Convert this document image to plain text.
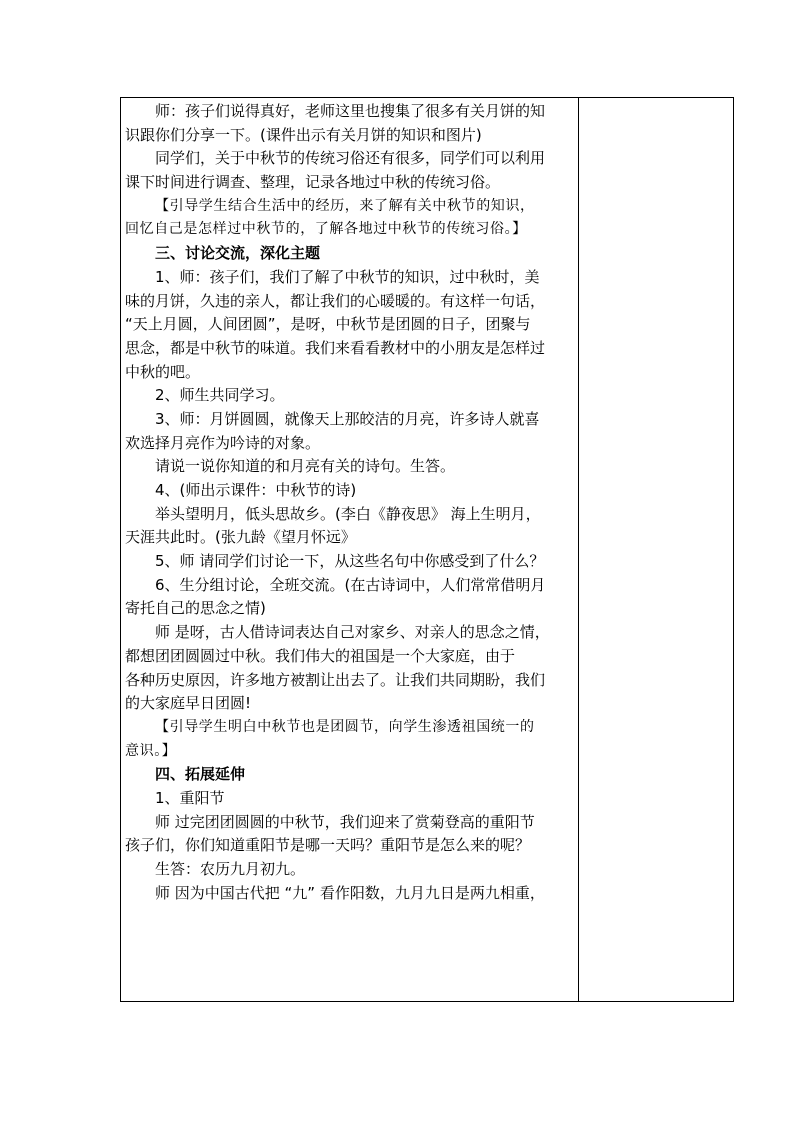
师：孩子们说得真好，老师这里也搜集了很多有关月饼的知
识跟你们分享一下。(课件出示有关月饼的知识和图片)
同学们，关于中秋节的传统习俗还有很多，同学们可以利用
课下时间进行调查、整理，记录各地过中秋的传统习俗。
【引导学生结合生活中的经历，来了解有关中秋节的知识，
回忆自己是怎样过中秋节的，了解各地过中秋节的传统习俗。】
三、讨论交流，深化主题
1、师：孩子们，我们了解了中秋节的知识，过中秋时，美
味的月饼，久违的亲人，都让我们的心暖暖的。有这样一句话，
“天上月圆，人间团圆”，是呀，中秋节是团圆的日子，团聚与
思念，都是中秋节的味道。我们来看看教材中的小朋友是怎样过
中秋的吧。
2、师生共同学习。
3、师：月饼圆圆，就像天上那皎洁的月亮，许多诗人就喜
欢选择月亮作为吟诗的对象。
请说一说你知道的和月亮有关的诗句。生答。
4、(师出示课件：中秋节的诗)
举头望明月，低头思故乡。(李白《静夜思》 海上生明月，
天涯共此时。(张九龄《望月怀远》
5、师 请同学们讨论一下，从这些名句中你感受到了什么？
6、生分组讨论，全班交流。(在古诗词中，人们常常借明月
寄托自己的思念之情)
师 是呀，古人借诗词表达自己对家乡、对亲人的思念之情，
都想团团圆圆过中秋。我们伟大的祖国是一个大家庭，由于
各种历史原因，许多地方被割让出去了。让我们共同期盼，我们
的大家庭早日团圆!
【引导学生明白中秋节也是团圆节，向学生渗透祖国统一的
意识。】
四、拓展延伸
1、重阳节
师 过完团团圆圆的中秋节，我们迎来了赏菊登高的重阳节
孩子们，你们知道重阳节是哪一天吗？重阳节是怎么来的呢？
生答：农历九月初九。
师 因为中国古代把 “九” 看作阳数，九月九日是两九相重，
